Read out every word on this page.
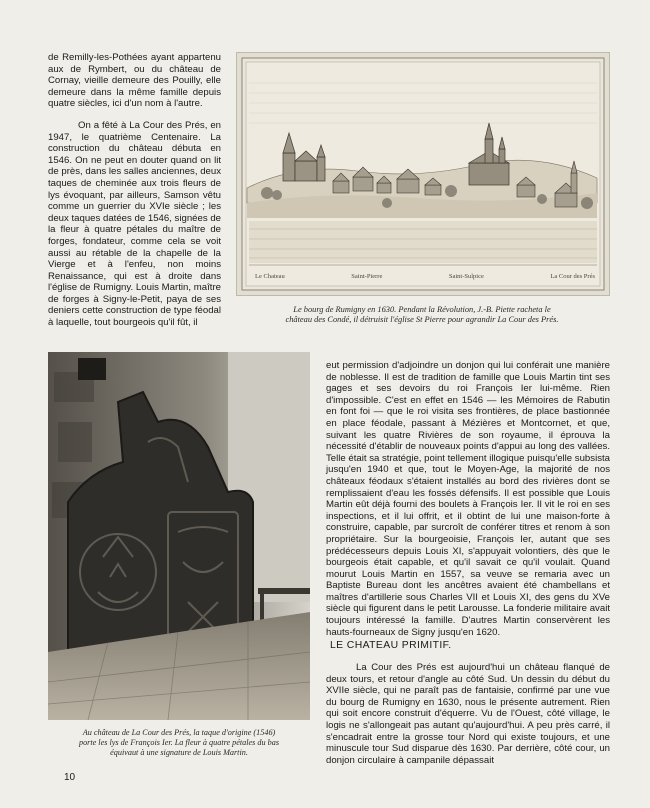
de Remilly-les-Pothées ayant appartenu aux de Rymbert, ou du château de Cornay, vieille demeure des Pouilly, elle demeure dans la même famille depuis quatre siècles, ici d'un nom à l'autre.

On a fêté à La Cour des Prés, en 1947, le quatrième Centenaire. La construction du château débuta en 1546. On ne peut en douter quand on lit de près, dans les salles anciennes, deux taques de cheminée aux trois fleurs de lys évoquant, par ailleurs, Samson vêtu comme un guerrier du XVIe siècle ; les deux taques datées de 1546, signées de la fleur à quatre pétales du maître de forges, fondateur, comme cela se voit aussi au rétable de la chapelle de la Vierge et à l'enfeu, non moins Renaissance, qui est à droite dans l'église de Rumigny. Louis Martin, maître de forges à Signy-le-Petit, paya de ses deniers cette construction de type féodal à laquelle, tout bourgeois qu'il fût, il

Le Chateau	Saint-Pierre	Saint-Sulpice	La Cour des Prés
Le bourg de Rumigny en 1630. Pendant la Révolution, J.-B. Piette racheta le
château des Condé, il détruisit l'église St Pierre pour agrandir La Cour des Prés.
Au château de La Cour des Prés, la taque d'origine (1546)
porte les lys de François Ier. La fleur à quatre pétales du bas
équivaut à une signature de Louis Martin.

eut permission d'adjoindre un donjon qui lui conférait une manière de noblesse. Il est de tradition de famille que Louis Martin tint ses gages et ses devoirs du roi François Ier lui-même. Rien d'impossible. C'est en effet en 1546 — les Mémoires de Rabutin en font foi — que le roi visita ses frontières, de place bastionnée en place féodale, passant à Mézières et Montcornet, et que, suivant les quatre Rivières de son royaume, il éprouva la nécessité d'établir de nouveaux points d'appui au long des vallées. Telle était sa stratégie, point tellement illogique puisqu'elle subsista jusqu'en 1940 et que, tout le Moyen-Age, la majorité de nos châteaux féodaux s'étaient installés au bord des rivières dont se remplissaient d'eau les fossés défensifs. Il est possible que Louis Martin eût déjà fourni des boulets à François Ier. Il vit le roi en ses inspections, et il lui offrit, et il obtint de lui une maison-forte à construire, capable, par surcroît de conférer titres et renom à son propriétaire. Sur la bourgeoisie, François Ier, autant que ses prédécesseurs depuis Louis XI, s'appuyait volontiers, dès que le bourgeois était capable, et qu'il savait ce qu'il voulait. Quand mourut Louis Martin en 1557, sa veuve se remaria avec un Baptiste Bureau dont les ancêtres avaient été chambellans et maîtres d'artillerie sous Charles VII et Louis XI, des gens du XVe siècle qui figurent dans le petit Larousse. La fonderie militaire avait toujours intéressé la famille. D'autres Martin conservèrent les hauts-fourneaux de Signy jusqu'en 1620.

LE CHATEAU PRIMITIF.

La Cour des Prés est aujourd'hui un château flanqué de deux tours, et retour d'angle au côté Sud. Un dessin du début du XVIIe siècle, qui ne paraît pas de fantaisie, confirmé par une vue du bourg de Rumigny en 1630, nous le présente autrement. Rien qui soit encore construit d'équerre. Vu de l'Ouest, côté village, le logis ne s'allongeait pas autant qu'aujourd'hui. A peu près carré, il s'encadrait entre la grosse tour Nord qui existe toujours, et une minuscule tour Sud disparue dès 1630. Par derrière, côté cour, un donjon circulaire à campanile dépassait

10
